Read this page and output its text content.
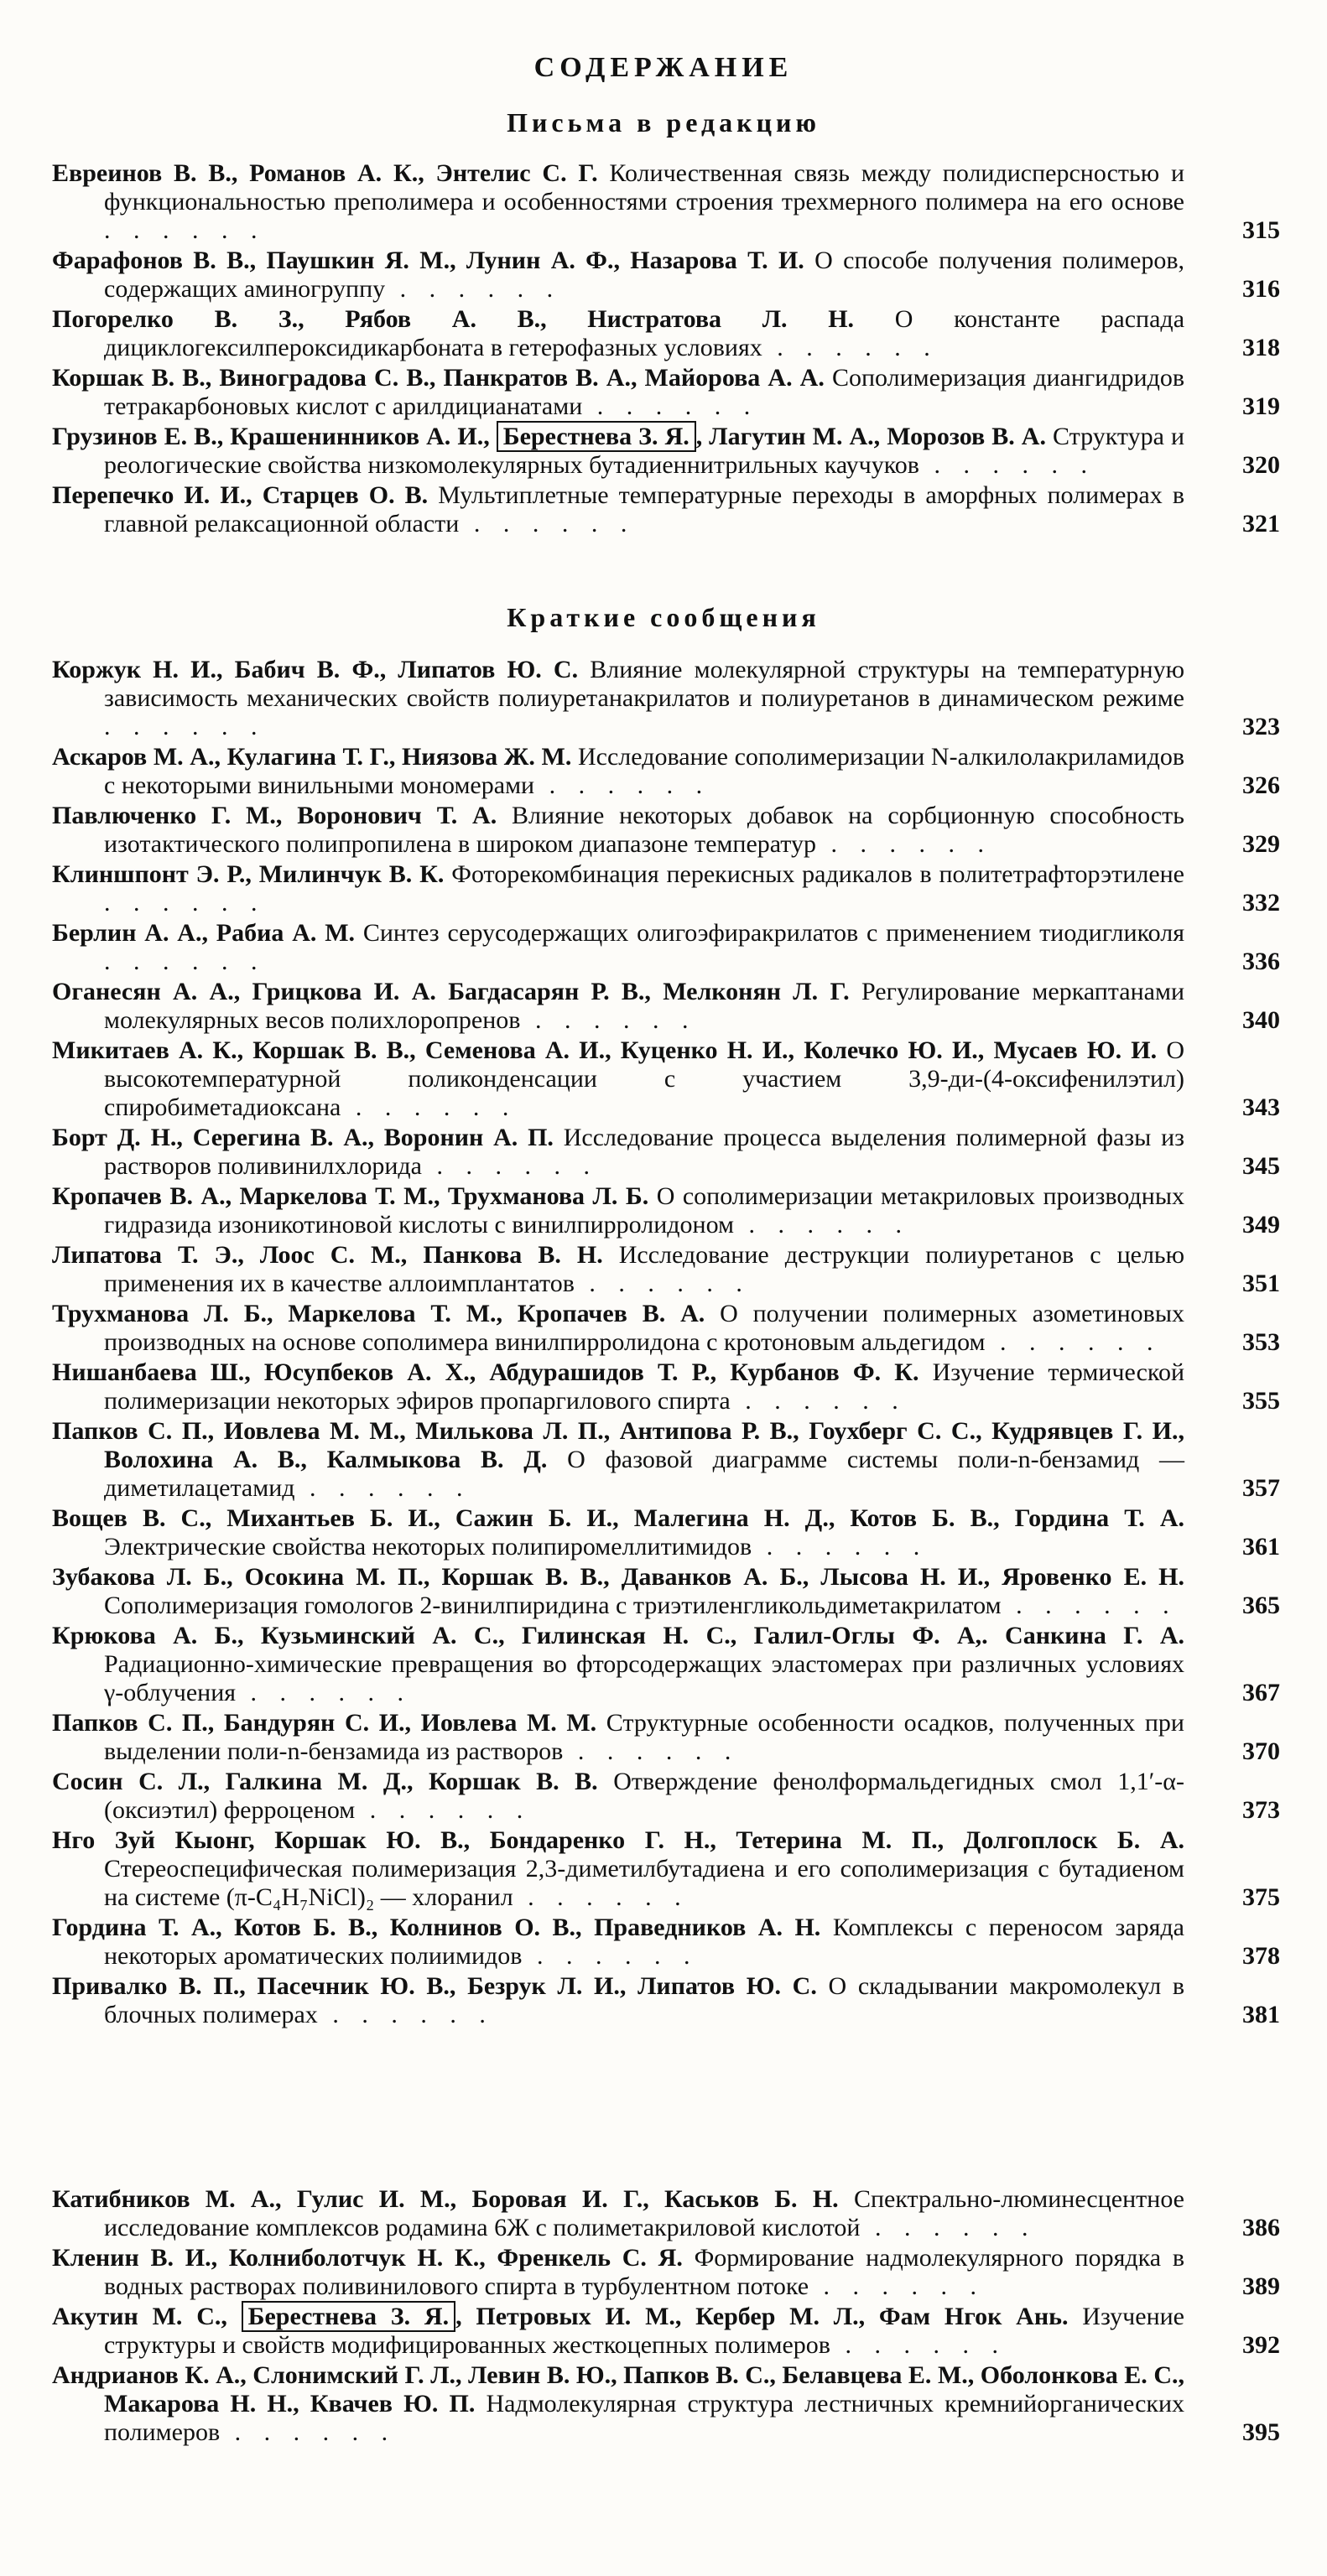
СОДЕРЖАНИЕ
Письма в редакцию
Евреинов В. В., Романов А. К., Энтелис С. Г. Количественная связь между полидисперсностью и функциональностью преполимера и особенностями строения трехмерного полимера на его основе . . . . . .	315
Фарафонов В. В., Паушкин Я. М., Лунин А. Ф., Назарова Т. И. О способе получения полимеров, содержащих аминогруппу . . . . . .	316
Погорелко В. З., Рябов А. В., Нистратова Л. Н. О константе распада дициклогексилпероксидикарбоната в гетерофазных условиях . . . . . .	318
Коршак В. В., Виноградова С. В., Панкратов В. А., Майорова А. А. Сополимеризация диангидридов тетракарбоновых кислот с арилдицианатами . . . . . .	319
Грузинов Е. В., Крашенинников А. И., Берестнева З. Я. , Лагутин М. А., Морозов В. А. Структура и реологические свойства низкомолекулярных бутадиеннитрильных каучуков . . . . . .	320
Перепечко И. И., Старцев О. В. Мультиплетные температурные переходы в аморфных полимерах в главной релаксационной области . . . . . .	321
Краткие сообщения
Коржук Н. И., Бабич В. Ф., Липатов Ю. С. Влияние молекулярной структуры на температурную зависимость механических свойств полиуретанакрилатов и полиуретанов в динамическом режиме . . . . . .	323
Аскаров М. А., Кулагина Т. Г., Ниязова Ж. М. Исследование сополимеризации N-алкилолакриламидов с некоторыми винильными мономерами . . . . . .	326
Павлюченко Г. М., Воронович Т. А. Влияние некоторых добавок на сорбционную способность изотактического полипропилена в широком диапазоне температур . . . . . .	329
Клиншпонт Э. Р., Милинчук В. К. Фоторекомбинация перекисных радикалов в политетрафторэтилене . . . . . .	332
Берлин А. А., Рабиа А. М. Синтез серусодержащих олигоэфиракрилатов с применением тиодигликоля . . . . . .	336
Оганесян А. А., Грицкова И. А. Багдасарян Р. В., Мелконян Л. Г. Регулирование меркаптанами молекулярных весов полихлоропренов . . . . . .	340
Микитаев А. К., Коршак В. В., Семенова А. И., Куценко Н. И., Колечко Ю. И., Мусаев Ю. И. О высокотемпературной поликонденсации с участием 3,9-ди-(4-оксифенилэтил) спиробиметадиоксана . . . . . .	343
Борт Д. Н., Серегина В. А., Воронин А. П. Исследование процесса выделения полимерной фазы из растворов поливинилхлорида . . . . . .	345
Кропачев В. А., Маркелова Т. М., Трухманова Л. Б. О сополимеризации метакриловых производных гидразида изоникотиновой кислоты с винилпирролидоном . . . . . .	349
Липатова Т. Э., Лоос С. М., Панкова В. Н. Исследование деструкции полиуретанов с целью применения их в качестве аллоимплантатов . . . . . .	351
Трухманова Л. Б., Маркелова Т. М., Кропачев В. А. О получении полимерных азометиновых производных на основе сополимера винилпирролидона с кротоновым альдегидом . . . . . .	353
Нишанбаева Ш., Юсупбеков А. Х., Абдурашидов Т. Р., Курбанов Ф. К. Изучение термической полимеризации некоторых эфиров пропаргилового спирта . . . . . .	355
Папков С. П., Иовлева М. М., Милькова Л. П., Антипова Р. В., Гоухберг С. С., Кудрявцев Г. И., Волохина А. В., Калмыкова В. Д. О фазовой диаграмме системы поли-n-бензамид — диметилацетамид . . . . . .	357
Вощев В. С., Михантьев Б. И., Сажин Б. И., Малегина Н. Д., Котов Б. В., Гордина Т. А. Электрические свойства некоторых полипиромеллитимидов . . . . . .	361
Зубакова Л. Б., Осокина М. П., Коршак В. В., Даванков А. Б., Лысова Н. И., Яровенко Е. Н. Сополимеризация гомологов 2-винилпиридина с триэтиленгликольдиметакрилатом . . . . . .	365
Крюкова А. Б., Кузьминский А. С., Гилинская Н. С., Галил-Оглы Ф. А,. Санкина Г. А. Радиационно-химические превращения во фторсодержащих эластомерах при различных условиях γ-облучения . . . . . .	367
Папков С. П., Бандурян С. И., Иовлева М. М. Структурные особенности осадков, полученных при выделении поли-n-бензамида из растворов . . . . . .	370
Сосин С. Л., Галкина М. Д., Коршак В. В. Отверждение фенолформальдегидных смол 1,1′-α-(оксиэтил) ферроценом . . . . . .	373
Нго Зуй Кыонг, Коршак Ю. В., Бондаренко Г. Н., Тетерина М. П., Долгоплоск Б. А. Стереоспецифическая полимеризация 2,3-диметилбутадиена и его сополимеризация с бутадиеном на системе (π-C₄H₇NiCl)₂ — хлоранил . . . . . .	375
Гордина Т. А., Котов Б. В., Колнинов О. В., Праведников А. Н. Комплексы с переносом заряда некоторых ароматических полиимидов . . . . . .	378
Привалко В. П., Пасечник Ю. В., Безрук Л. И., Липатов Ю. С. О складывании макромолекул в блочных полимерах . . . . . .	381
Катибников М. А., Гулис И. М., Боровая И. Г., Каськов Б. Н. Спектрально-люминесцентное исследование комплексов родамина 6Ж с полиметакриловой кислотой . . . . . .	386
Кленин В. И., Колниболотчук Н. К., Френкель С. Я. Формирование надмолекулярного порядка в водных растворах поливинилового спирта в турбулентном потоке . . . . . .	389
Акутин М. С., Берестнева З. Я. , Петровых И. М., Кербер М. Л., Фам Нгок Ань. Изучение структуры и свойств модифицированных жесткоцепных полимеров . . . . . .	392
Андрианов К. А., Слонимский Г. Л., Левин В. Ю., Папков В. С., Белавцева Е. М., Оболонкова Е. С., Макарова Н. Н., Квачев Ю. П. Надмолекулярная структура лестничных кремнийорганических полимеров . . . . . .	395
